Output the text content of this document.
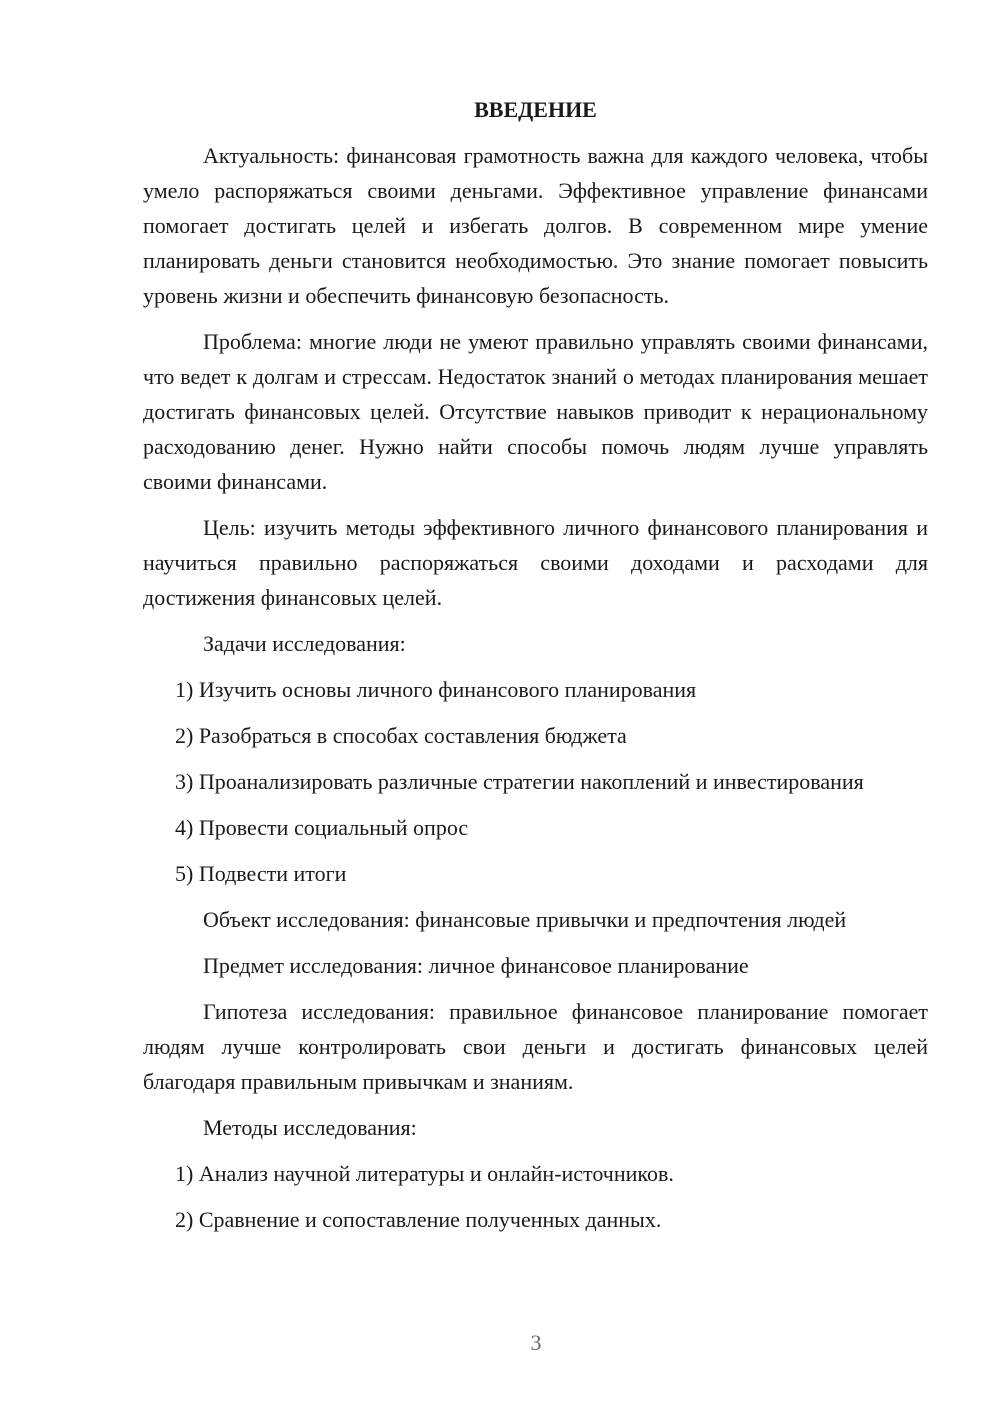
ВВЕДЕНИЕ

Актуальность: финансовая грамотность важна для каждого человека, чтобы умело распоряжаться своими деньгами. Эффективное управление финансами помогает достигать целей и избегать долгов. В современном мире умение планировать деньги становится необходимостью. Это знание помогает повысить уровень жизни и обеспечить финансовую безопасность.

Проблема: многие люди не умеют правильно управлять своими финансами, что ведет к долгам и стрессам. Недостаток знаний о методах планирования мешает достигать финансовых целей. Отсутствие навыков приводит к нерациональному расходованию денег. Нужно найти способы помочь людям лучше управлять своими финансами.

Цель: изучить методы эффективного личного финансового планирования и научиться правильно распоряжаться своими доходами и расходами для достижения финансовых целей.

Задачи исследования:

1) Изучить основы личного финансового планирования

2) Разобраться в способах составления бюджета

3) Проанализировать различные стратегии накоплений и инвестирования

4) Провести социальный опрос

5) Подвести итоги

Объект исследования: финансовые привычки и предпочтения людей

Предмет исследования: личное финансовое планирование

Гипотеза исследования: правильное финансовое планирование помогает людям лучше контролировать свои деньги и достигать финансовых целей благодаря правильным привычкам и знаниям.

Методы исследования:

1) Анализ научной литературы и онлайн-источников.

2) Сравнение и сопоставление полученных данных.

3
